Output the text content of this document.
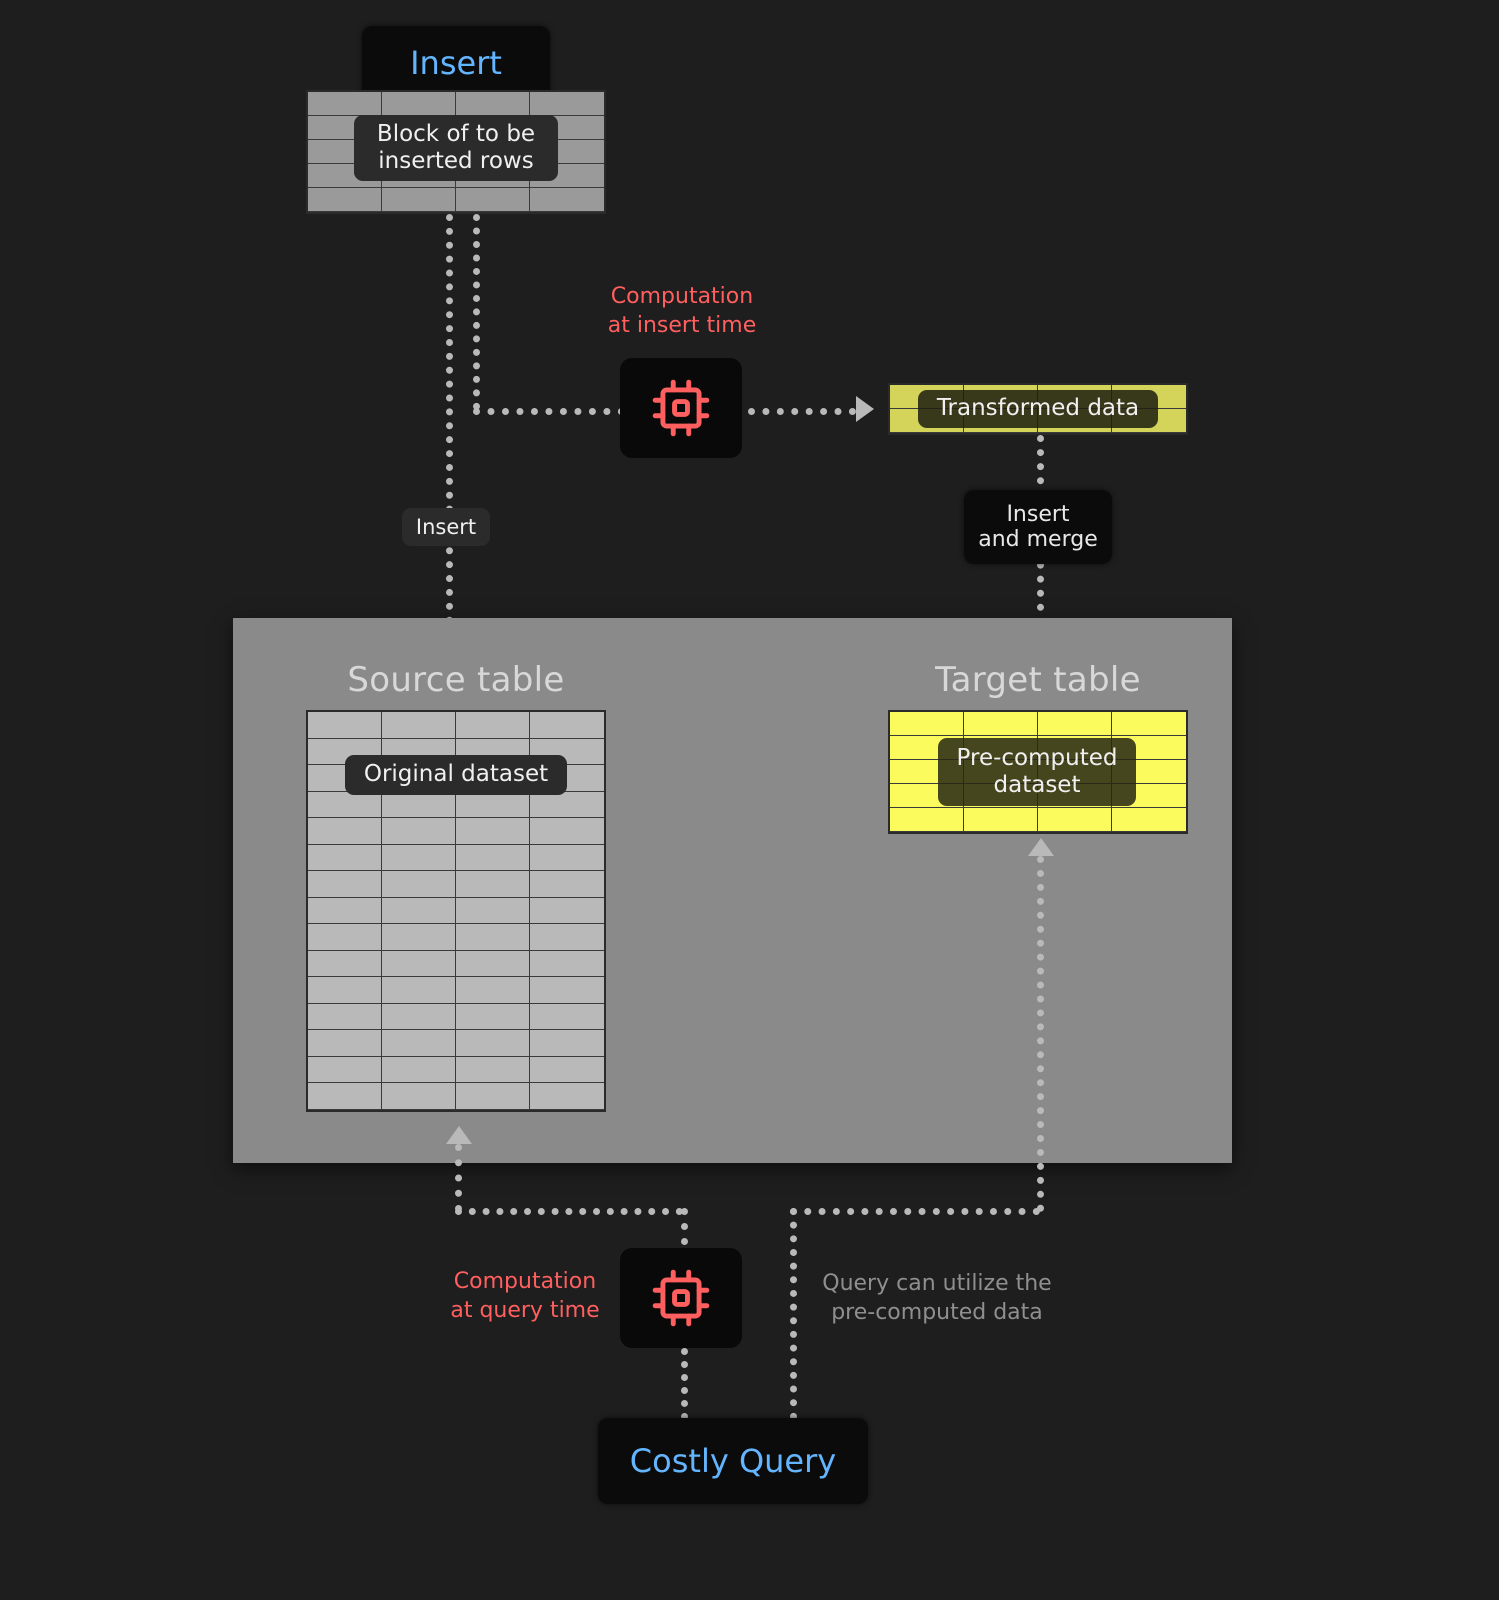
Insert
Block of to be
inserted rows
Insert
Computation
at insert time
Transformed data
Insert
and merge
Source table
Original dataset
Target table
Pre-computed
dataset
Computation
at query time
Query can utilize the
pre-computed data
Costly Query
